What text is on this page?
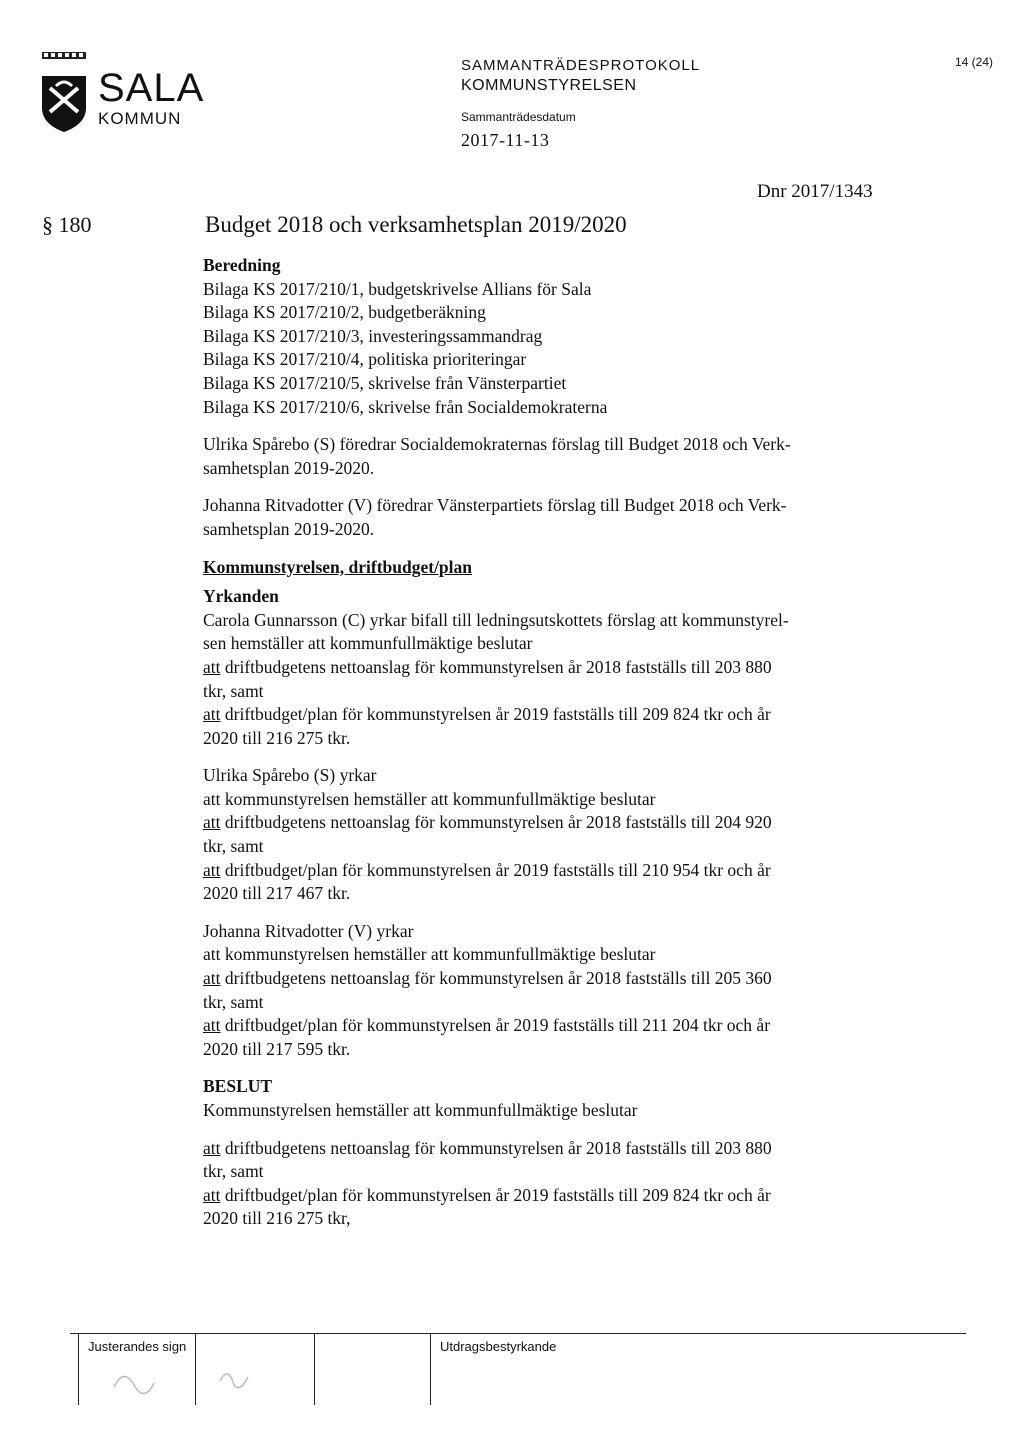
SALA
KOMMUN
SAMMANTRÄDESPROTOKOLL
KOMMUNSTYRELSEN
Sammanträdesdatum
2017-11-13
14 (24)
Dnr 2017/1343
§ 180	Budget 2018 och verksamhetsplan 2019/2020
Beredning
Bilaga KS 2017/210/1, budgetskrivelse Allians för Sala
Bilaga KS 2017/210/2, budgetberäkning
Bilaga KS 2017/210/3, investeringssammandrag
Bilaga KS 2017/210/4, politiska prioriteringar
Bilaga KS 2017/210/5, skrivelse från Vänsterpartiet
Bilaga KS 2017/210/6, skrivelse från Socialdemokraterna
Ulrika Spårebo (S) föredrar Socialdemokraternas förslag till Budget 2018 och Verk-
samhetsplan 2019-2020.
Johanna Ritvadotter (V) föredrar Vänsterpartiets förslag till Budget 2018 och Verk-
samhetsplan 2019-2020.
Kommunstyrelsen, driftbudget/plan
Yrkanden
Carola Gunnarsson (C) yrkar bifall till ledningsutskottets förslag att kommunstyrel-
sen hemställer att kommunfullmäktige beslutar
att driftbudgetens nettoanslag för kommunstyrelsen år 2018 fastställs till 203 880
tkr, samt
att driftbudget/plan för kommunstyrelsen år 2019 fastställs till 209 824 tkr och år
2020 till 216 275 tkr.
Ulrika Spårebo (S) yrkar
att kommunstyrelsen hemställer att kommunfullmäktige beslutar
att driftbudgetens nettoanslag för kommunstyrelsen år 2018 fastställs till 204 920
tkr, samt
att driftbudget/plan för kommunstyrelsen år 2019 fastställs till 210 954 tkr och år
2020 till 217 467 tkr.
Johanna Ritvadotter (V) yrkar
att kommunstyrelsen hemställer att kommunfullmäktige beslutar
att driftbudgetens nettoanslag för kommunstyrelsen år 2018 fastställs till 205 360
tkr, samt
att driftbudget/plan för kommunstyrelsen år 2019 fastställs till 211 204 tkr och år
2020 till 217 595 tkr.
BESLUT
Kommunstyrelsen hemställer att kommunfullmäktige beslutar
att driftbudgetens nettoanslag för kommunstyrelsen år 2018 fastställs till 203 880
tkr, samt
att driftbudget/plan för kommunstyrelsen år 2019 fastställs till 209 824 tkr och år
2020 till 216 275 tkr,
Justerandes sign	Utdragsbestyrkande
